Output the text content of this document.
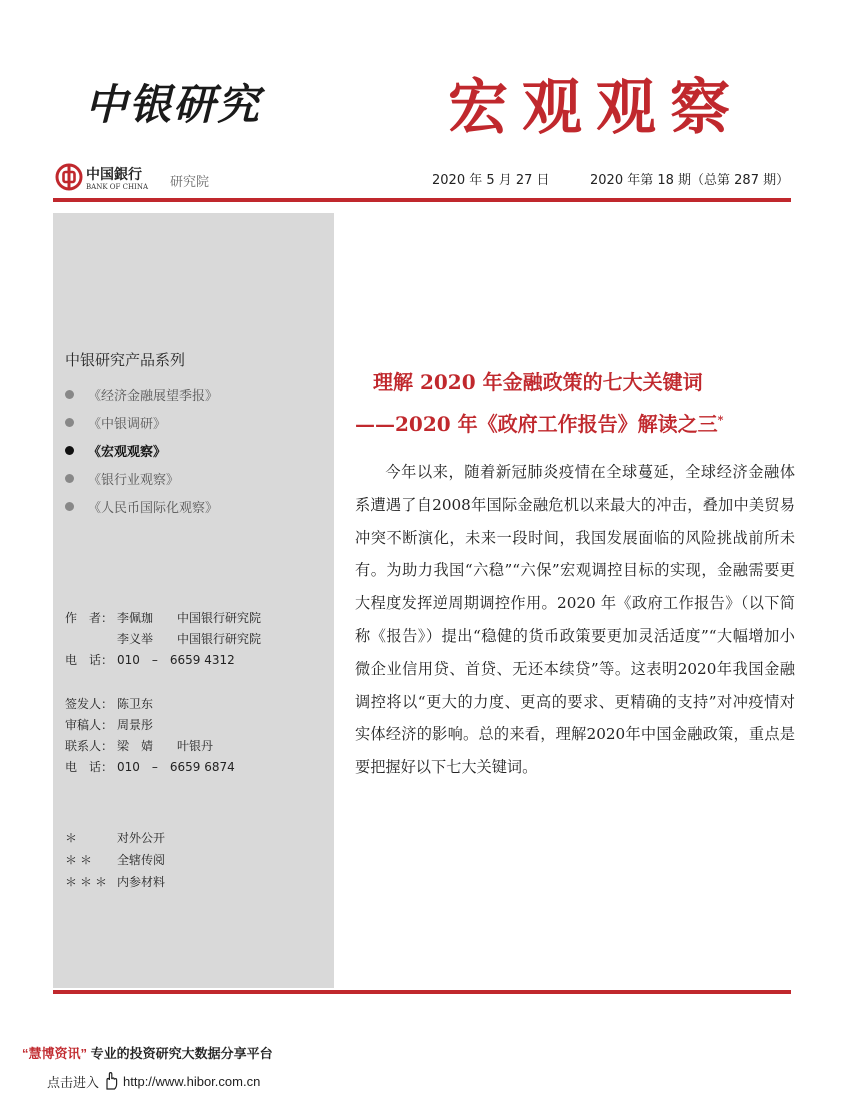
中银研究	宏观观察
中国銀行
BANK OF CHINA 研究院	2020 年 5 月 27 日	2020 年第 18 期（总第 287 期）
中银研究产品系列
《经济金融展望季报》
《中银调研》
《宏观观察》
《银行业观察》
《人民币国际化观察》
作　者： 李佩珈	中国银行研究院
李义举	中国银行研究院
电　话： 010　–　6659 4312
签发人： 陈卫东
审稿人： 周景彤
联系人： 梁　婧	叶银丹
电　话： 010　–　6659 6874
＊	对外公开
＊＊	全辖传阅
＊＊＊ 内参材料
理解 2020 年金融政策的七大关键词
——2020 年《政府工作报告》解读之三*

今年以来，随着新冠肺炎疫情在全球蔓延，全球经济金融体系遭遇了自2008年国际金融危机以来最大的冲击，叠加中美贸易冲突不断演化，未来一段时间，我国发展面临的风险挑战前所未有。为助力我国“六稳”“六保”宏观调控目标的实现，金融需要更大程度发挥逆周期调控作用。2020 年《政府工作报告》（以下简称《报告》）提出“稳健的货币政策要更加灵活适度”“大幅增加小微企业信用贷、首贷、无还本续贷”等。这表明2020年我国金融调控将以“更大的力度、更高的要求、更精确的支持”对冲疫情对实体经济的影响。总的来看，理解2020年中国金融政策，重点是要把握好以下七大关键词。

“慧博资讯” 专业的投资研究大数据分享平台
点击进入 http://www.hibor.com.cn
